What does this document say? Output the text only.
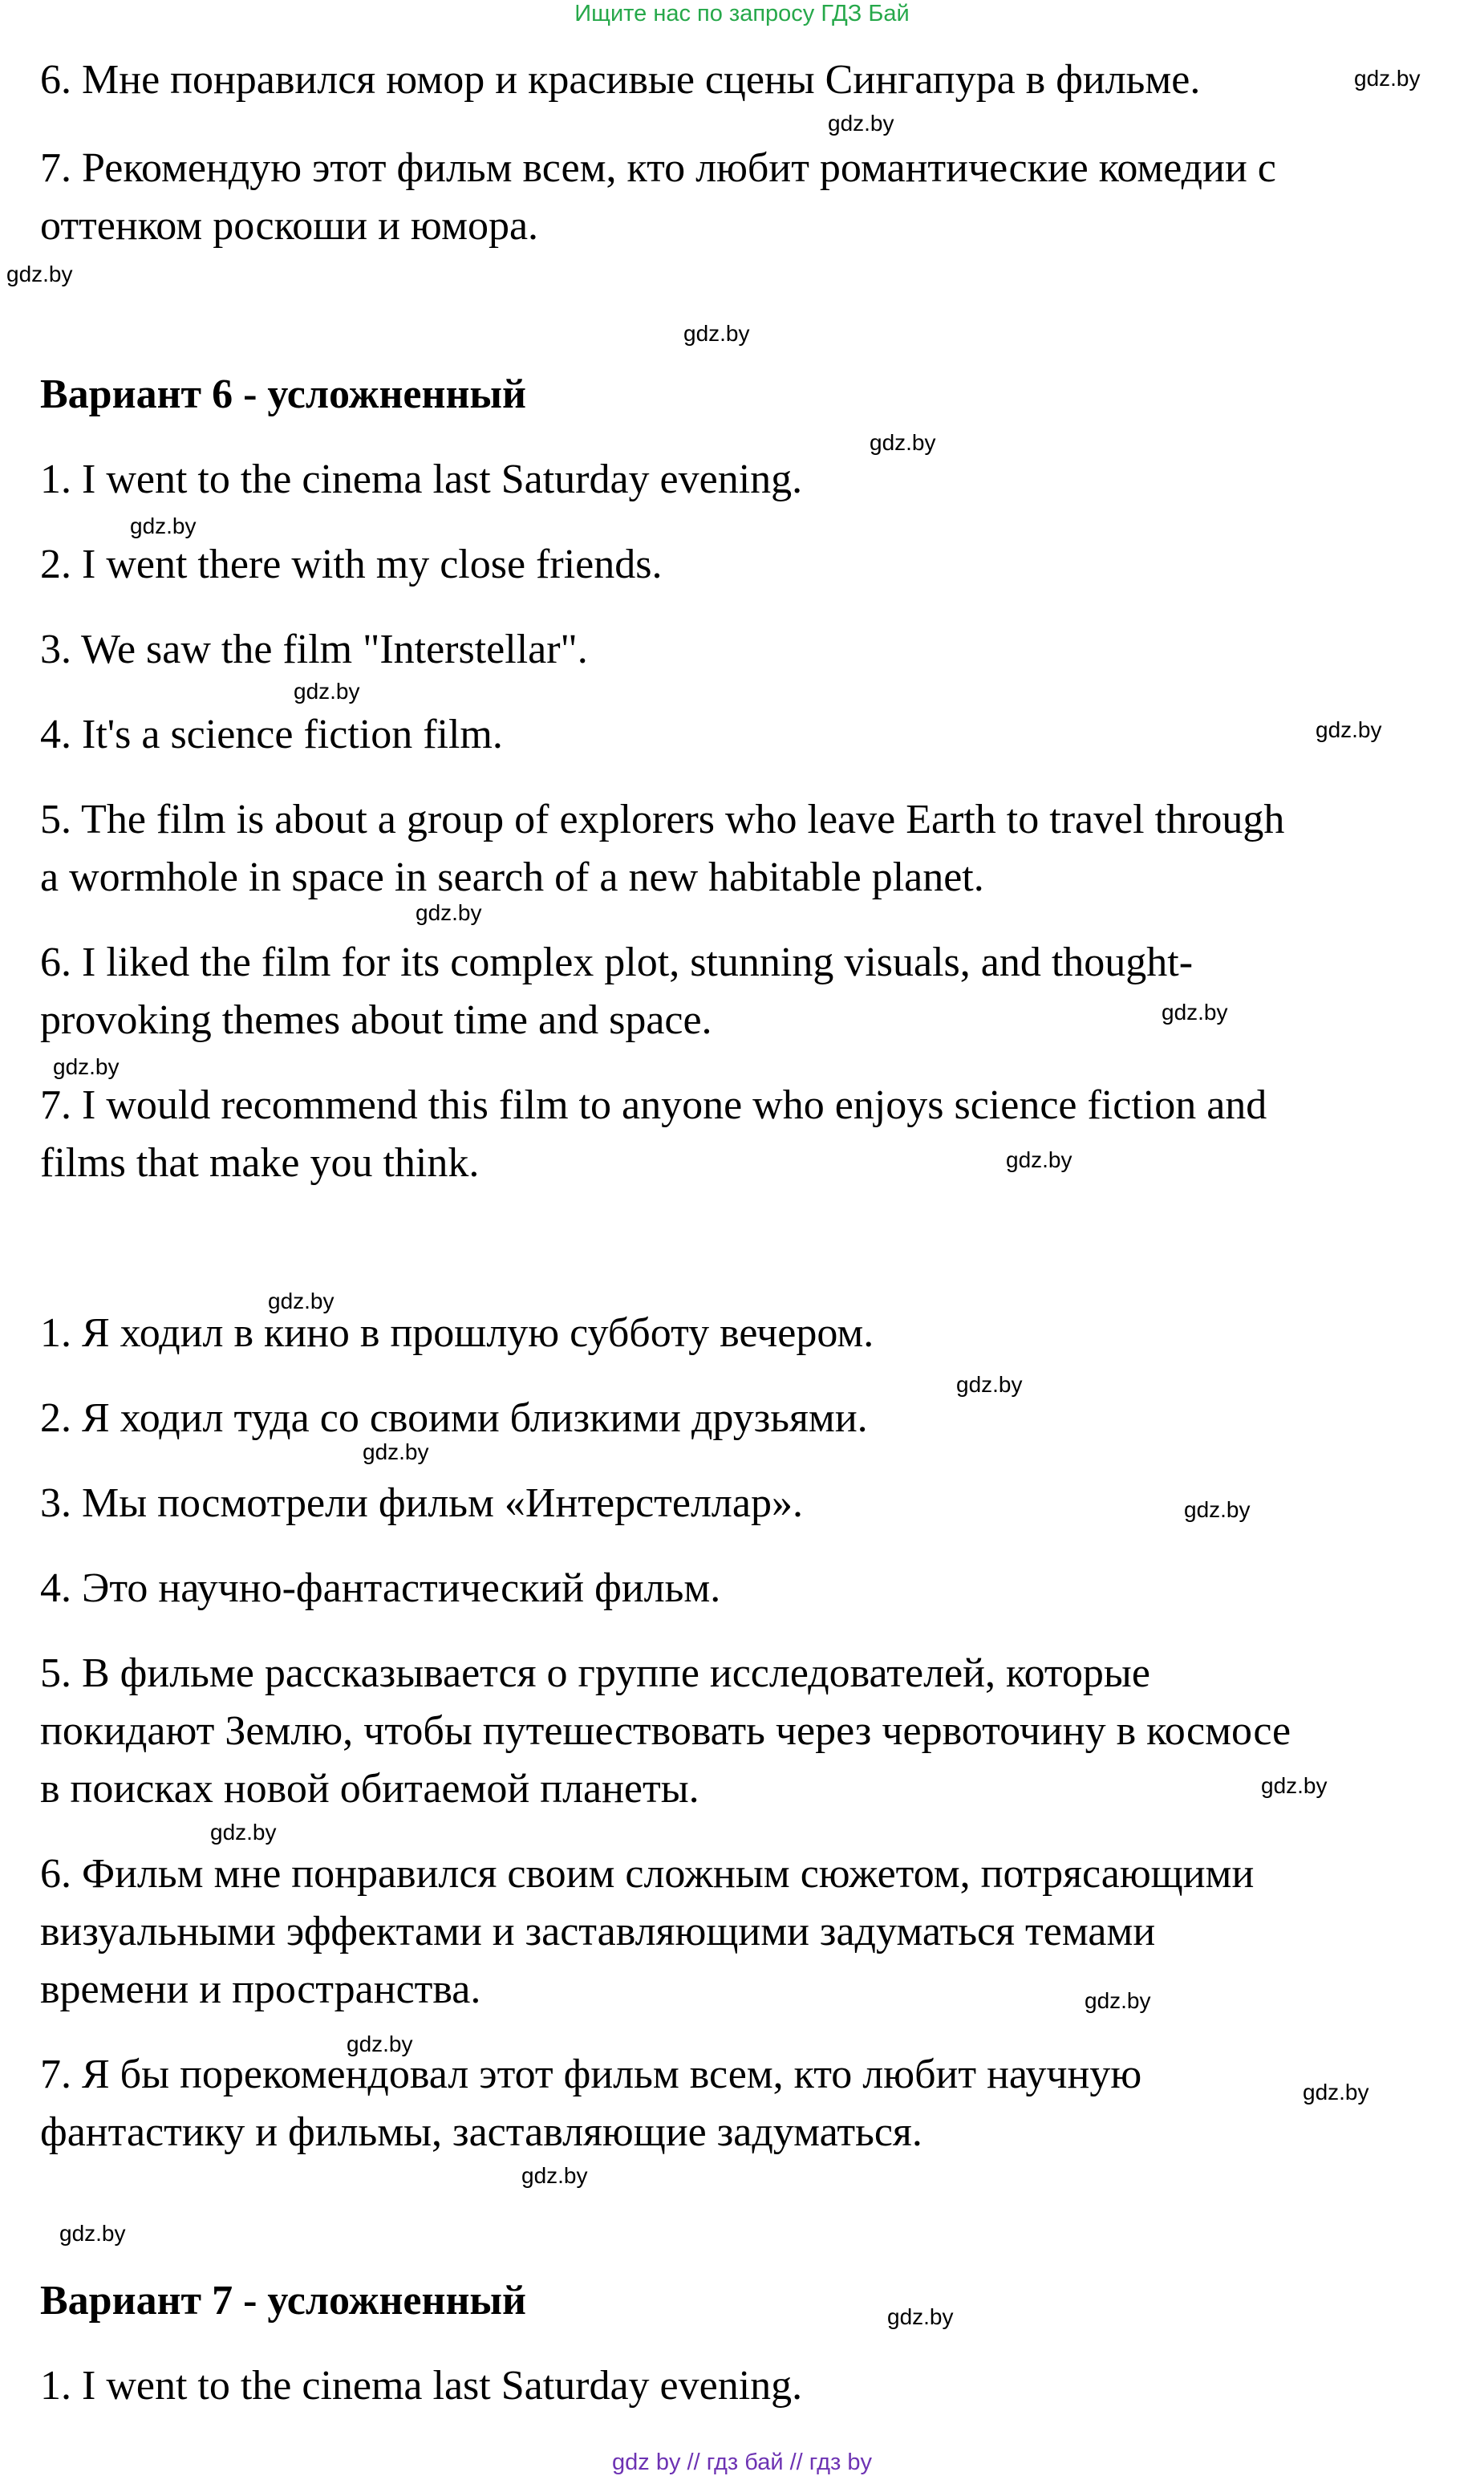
Ищите нас по запросу ГДЗ Бай
6. Мне понравился юмор и красивые сцены Сингапура в фильме.
7. Рекомендую этот фильм всем, кто любит романтические комедии с
оттенком роскоши и юмора.
Вариант 6 - усложненный
1. I went to the cinema last Saturday evening.
2. I went there with my close friends.
3. We saw the film "Interstellar".
4. It's a science fiction film.
5. The film is about a group of explorers who leave Earth to travel through
a wormhole in space in search of a new habitable planet.
6. I liked the film for its complex plot, stunning visuals, and thought-
provoking themes about time and space.
7. I would recommend this film to anyone who enjoys science fiction and
films that make you think.
1. Я ходил в кино в прошлую субботу вечером.
2. Я ходил туда со своими близкими друзьями.
3. Мы посмотрели фильм «Интерстеллар».
4. Это научно-фантастический фильм.
5. В фильме рассказывается о группе исследователей, которые
покидают Землю, чтобы путешествовать через червоточину в космосе
в поисках новой обитаемой планеты.
6. Фильм мне понравился своим сложным сюжетом, потрясающими
визуальными эффектами и заставляющими задуматься темами
времени и пространства.
7. Я бы порекомендовал этот фильм всем, кто любит научную
фантастику и фильмы, заставляющие задуматься.
Вариант 7 - усложненный
1. I went to the cinema last Saturday evening.
gdz.by
gdz.by
gdz.by
gdz.by
gdz.by
gdz.by
gdz.by
gdz.by
gdz.by
gdz.by
gdz.by
gdz.by
gdz.by
gdz.by
gdz.by
gdz.by
gdz.by
gdz.by
gdz.by
gdz.by
gdz.by
gdz.by
gdz.by
gdz.by
gdz by // гдз бай // гдз by
